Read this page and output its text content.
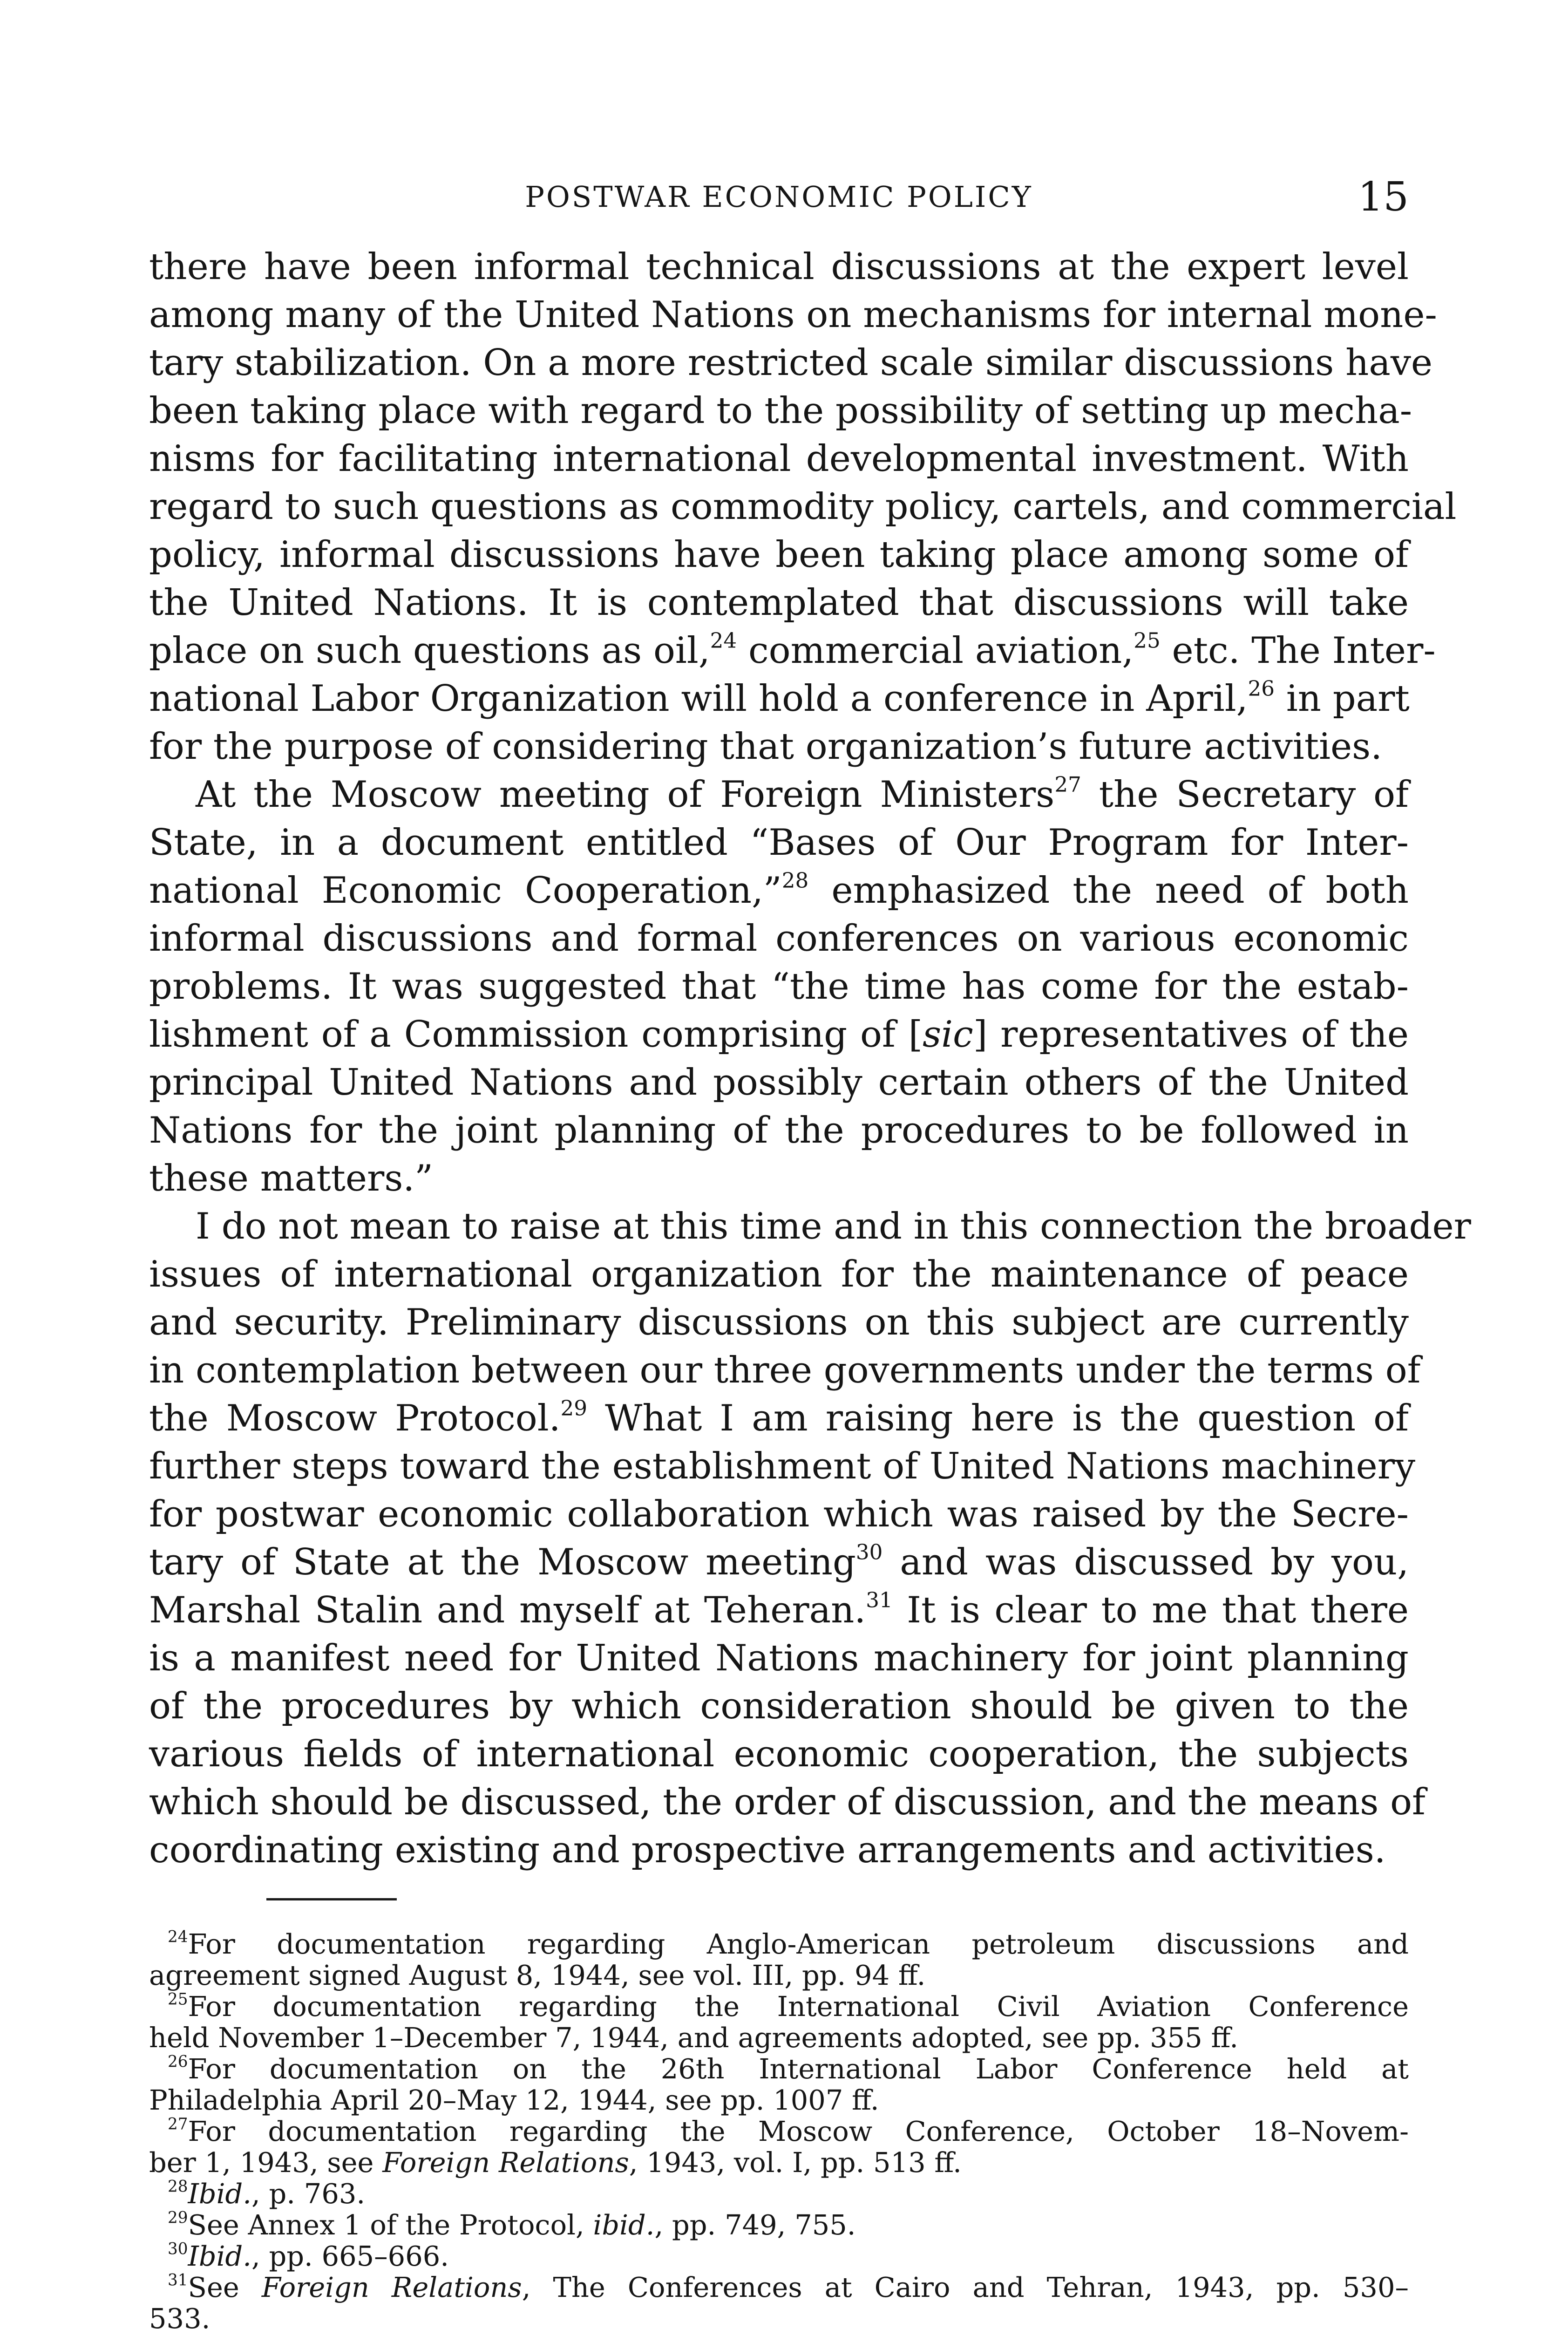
POSTWAR ECONOMIC POLICY	15
there have been informal technical discussions at the expert level
among many of the United Nations on mechanisms for internal mone-
tary stabilization. On a more restricted scale similar discussions have
been taking place with regard to the possibility of setting up mecha-
nisms for facilitating international developmental investment. With
regard to such questions as commodity policy, cartels, and commercial
policy, informal discussions have been taking place among some of
the United Nations. It is contemplated that discussions will take
place on such questions as oil,$^{24}$ commercial aviation,$^{25}$ etc. The Inter-
national Labor Organization will hold a conference in April,$^{26}$ in part
for the purpose of considering that organization’s future activities.
At the Moscow meeting of Foreign Ministers$^{27}$ the Secretary of
State, in a document entitled “Bases of Our Program for Inter-
national Economic Cooperation,”$^{28}$ emphasized the need of both
informal discussions and formal conferences on various economic
problems. It was suggested that “the time has come for the estab-
lishment of a Commission comprising of [sic] representatives of the
principal United Nations and possibly certain others of the United
Nations for the joint planning of the procedures to be followed in
these matters.”
I do not mean to raise at this time and in this connection the broader
issues of international organization for the maintenance of peace
and security. Preliminary discussions on this subject are currently
in contemplation between our three governments under the terms of
the Moscow Protocol.$^{29}$ What I am raising here is the question of
further steps toward the establishment of United Nations machinery
for postwar economic collaboration which was raised by the Secre-
tary of State at the Moscow meeting$^{30}$ and was discussed by you,
Marshal Stalin and myself at Teheran.$^{31}$ It is clear to me that there
is a manifest need for United Nations machinery for joint planning
of the procedures by which consideration should be given to the
various fields of international economic cooperation, the subjects
which should be discussed, the order of discussion, and the means of
coordinating existing and prospective arrangements and activities.
$^{24}$For documentation regarding Anglo-American petroleum discussions and
agreement signed August 8, 1944, see vol. III, pp. 94 ff.
$^{25}$For documentation regarding the International Civil Aviation Conference
held November 1–December 7, 1944, and agreements adopted, see pp. 355 ff.
$^{26}$For documentation on the 26th International Labor Conference held at
Philadelphia April 20–May 12, 1944, see pp. 1007 ff.
$^{27}$For documentation regarding the Moscow Conference, October 18–Novem-
ber 1, 1943, see Foreign Relations, 1943, vol. I, pp. 513 ff.
$^{28}$Ibid., p. 763.
$^{29}$See Annex 1 of the Protocol, ibid., pp. 749, 755.
$^{30}$Ibid., pp. 665–666.
$^{31}$See Foreign Relations, The Conferences at Cairo and Tehran, 1943, pp. 530–
533.
